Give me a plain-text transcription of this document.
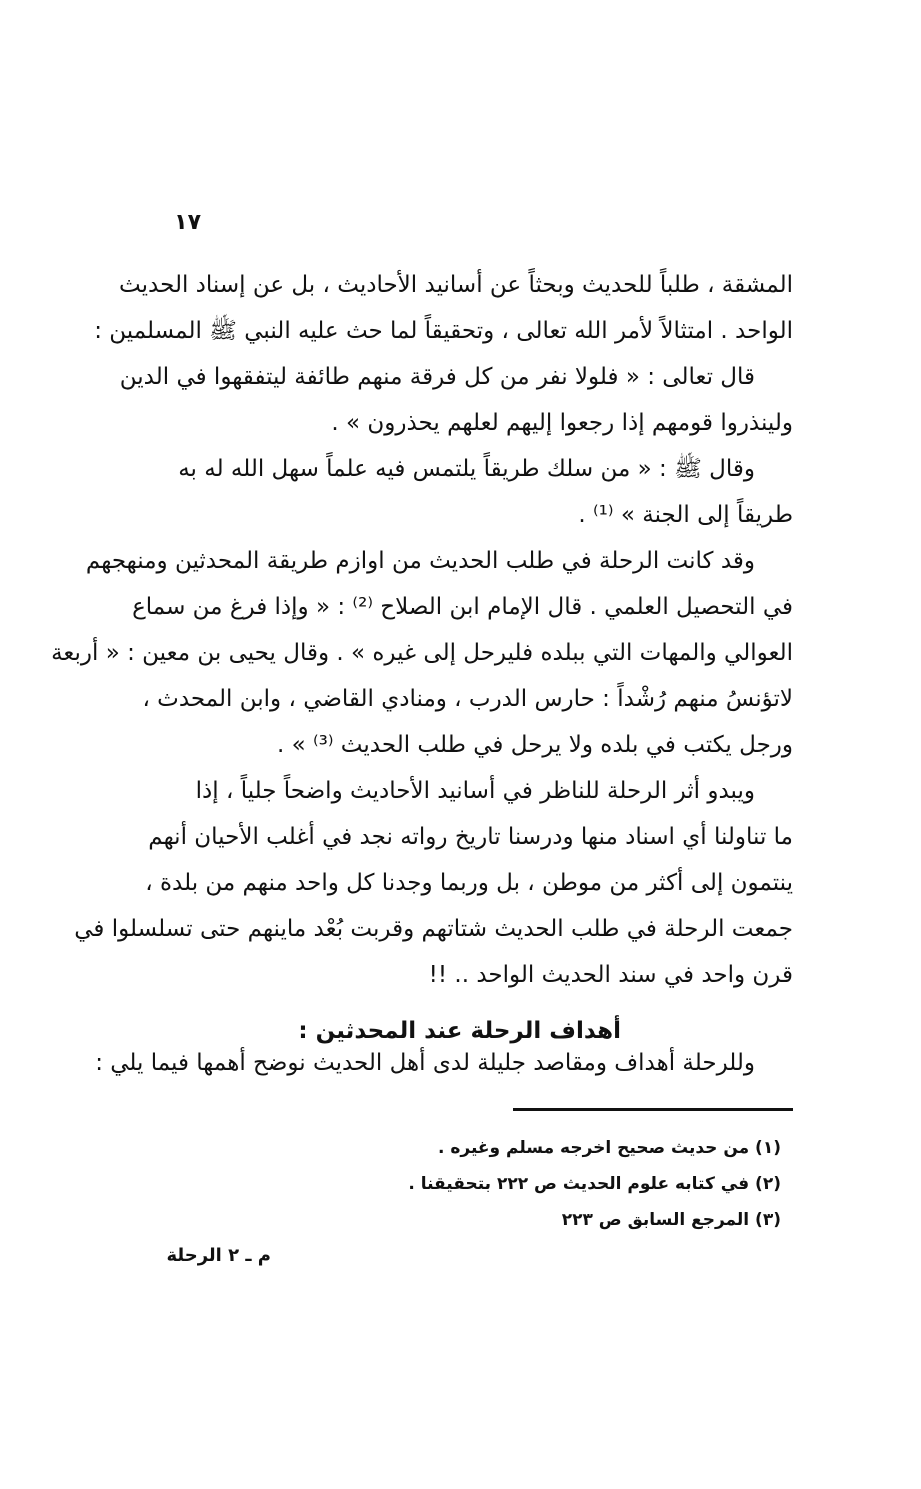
١٧

المشقة ، طلباً للحديث وبحثاً عن أسانيد الأحاديث ، بل عن إسناد الحديث
الواحد . امتثالاً لأمر الله تعالى ، وتحقيقاً لما حث عليه النبي ﷺ المسلمين :
قال تعالى : « فلولا نفر من كل فرقة منهم طائفة ليتفقهوا في الدين
ولينذروا قومهم إذا رجعوا إليهم لعلهم يحذرون » .
وقال ﷺ : « من سلك طريقاً يلتمس فيه علماً سهل الله له به
طريقاً إلى الجنة » ⁽¹⁾ .
وقد كانت الرحلة في طلب الحديث من اوازم طريقة المحدثين ومنهجهم
في التحصيل العلمي . قال الإمام ابن الصلاح ⁽²⁾ : « وإذا فرغ من سماع
العوالي والمهات التي ببلده فليرحل إلى غيره » . وقال يحيى بن معين : « أربعة
لاتؤنسُ منهم رُشْداً : حارس الدرب ، ومنادي القاضي ، وابن المحدث ،
ورجل يكتب في بلده ولا يرحل في طلب الحديث ⁽³⁾ » .
ويبدو أثر الرحلة للناظر في أسانيد الأحاديث واضحاً جلياً ، إذا
ما تناولنا أي اسناد منها ودرسنا تاريخ رواته نجد في أغلب الأحيان أنهم
ينتمون إلى أكثر من موطن ، بل وربما وجدنا كل واحد منهم من بلدة ،
جمعت الرحلة في طلب الحديث شتاتهم وقربت بُعْد ماينهم حتى تسلسلوا في
قرن واحد في سند الحديث الواحد .. !!

أهداف الرحلة عند المحدثين :

وللرحلة أهداف ومقاصد جليلة لدى أهل الحديث نوضح أهمها فيما يلي :

(١) من حديث صحيح اخرجه مسلم وغيره .
(٢) في كتابه علوم الحديث ص ٢٢٢ بتحقيقنا .
(٣) المرجع السابق ص ٢٢٣
م ـ ٢ الرحلة
